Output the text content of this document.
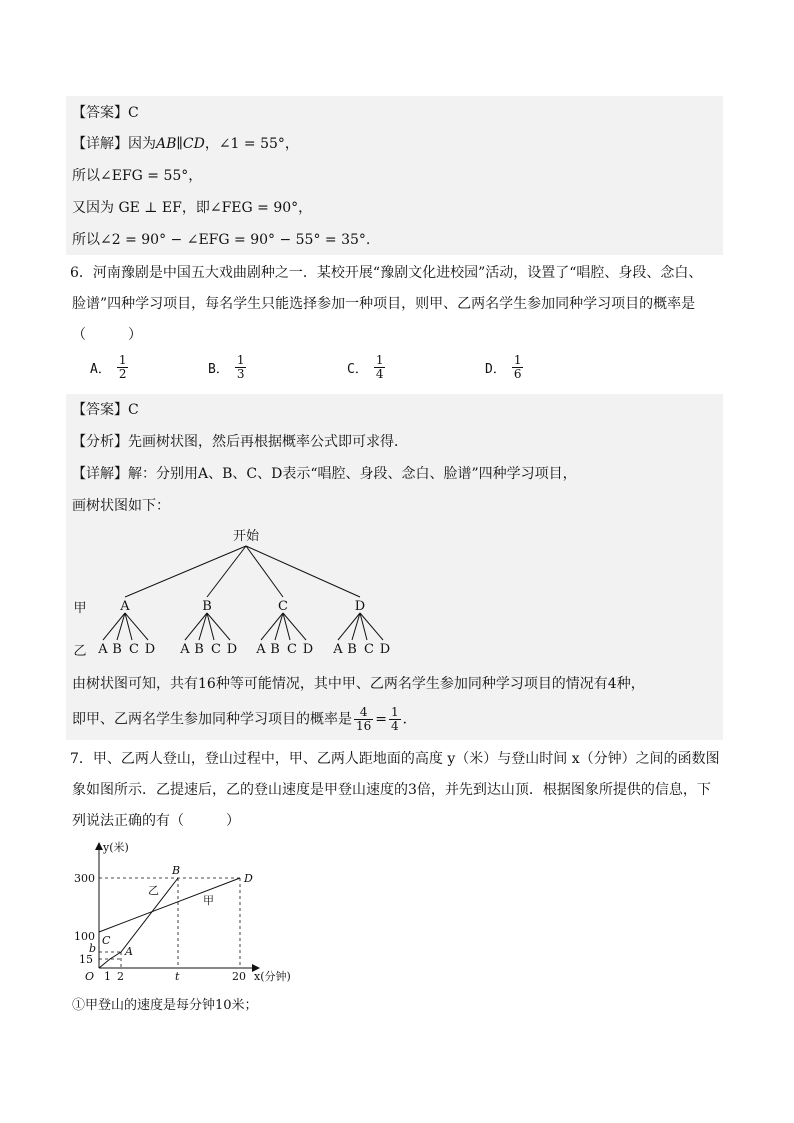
【答案】C
【详解】因为AB∥CD，∠1 = 55°，
所以∠EFG = 55°，
又因为 GE ⊥ EF，即∠FEG = 90°，
所以∠2 = 90° − ∠EFG = 90° − 55° = 35°.
6．河南豫剧是中国五大戏曲剧种之一．某校开展“豫剧文化进校园”活动，设置了“唱腔、身段、念白、
脸谱”四种学习项目，每名学生只能选择参加一种项目，则甲、乙两名学生参加同种学习项目的概率是
（　　　）
A． $\frac{1}{2}$	B． $\frac{1}{3}$	C． $\frac{1}{4}$	D． $\frac{1}{6}$
【答案】C
【分析】先画树状图，然后再根据概率公式即可求得．
【详解】解：分别用A、B、C、D表示“唱腔、身段、念白、脸谱”四种学习项目，
画树状图如下：
开始
甲
乙
A	B	C	D
A B C D A B C D A B C D A B C D
由树状图可知，共有16种等可能情况，其中甲、乙两名学生参加同种学习项目的情况有4种，
即甲、乙两名学生参加同种学习项目的概率是 $\frac{4}{16} = \frac{1}{4}$ ．
7．甲、乙两人登山，登山过程中，甲、乙两人距地面的高度 y（米）与登山时间 x（分钟）之间的函数图
象如图所示．乙提速后，乙的登山速度是甲登山速度的3倍，并先到达山顶．根据图象所提供的信息，下
列说法正确的有（　　　）
y(米)
x(分钟)
O
300
100
b
15
1 2	t	20
A
B
C
D
乙
甲
①甲登山的速度是每分钟10米；
